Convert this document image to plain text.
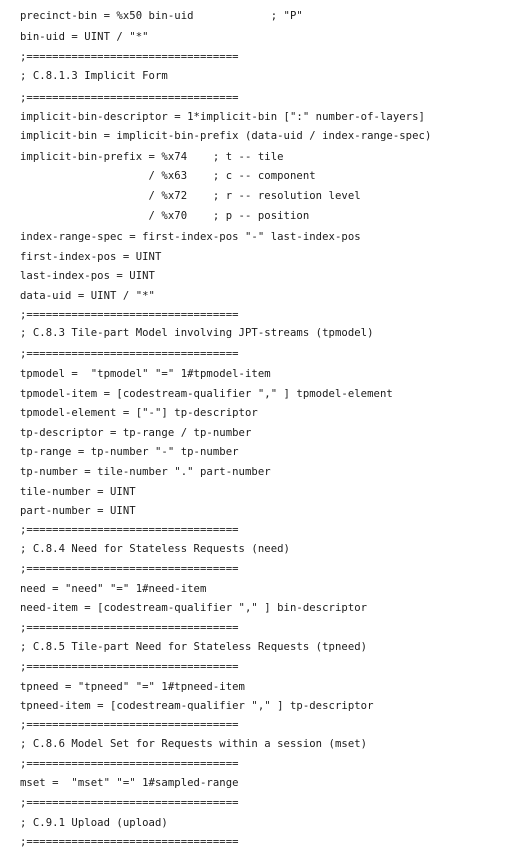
precinct-bin = %x50 bin-uid            ; "P"
bin-uid = UINT / "*"
;=================================
; C.8.1.3 Implicit Form
;=================================
implicit-bin-descriptor = 1*implicit-bin [":" number-of-layers]
implicit-bin = implicit-bin-prefix (data-uid / index-range-spec)
implicit-bin-prefix = %x74    ; t -- tile
/ %x63    ; c -- component
/ %x72    ; r -- resolution level
/ %x70    ; p -- position
index-range-spec = first-index-pos "-" last-index-pos
first-index-pos = UINT
last-index-pos = UINT
data-uid = UINT / "*"
;=================================
; C.8.3 Tile-part Model involving JPT-streams (tpmodel)
;=================================
tpmodel =  "tpmodel" "=" 1#tpmodel-item
tpmodel-item = [codestream-qualifier "," ] tpmodel-element
tpmodel-element = ["-"] tp-descriptor
tp-descriptor = tp-range / tp-number
tp-range = tp-number "-" tp-number
tp-number = tile-number "." part-number
tile-number = UINT
part-number = UINT
;=================================
; C.8.4 Need for Stateless Requests (need)
;=================================
need = "need" "=" 1#need-item
need-item = [codestream-qualifier "," ] bin-descriptor
;=================================
; C.8.5 Tile-part Need for Stateless Requests (tpneed)
;=================================
tpneed = "tpneed" "=" 1#tpneed-item
tpneed-item = [codestream-qualifier "," ] tp-descriptor
;=================================
; C.8.6 Model Set for Requests within a session (mset)
;=================================
mset =  "mset" "=" 1#sampled-range
;=================================
; C.9.1 Upload (upload)
;=================================
